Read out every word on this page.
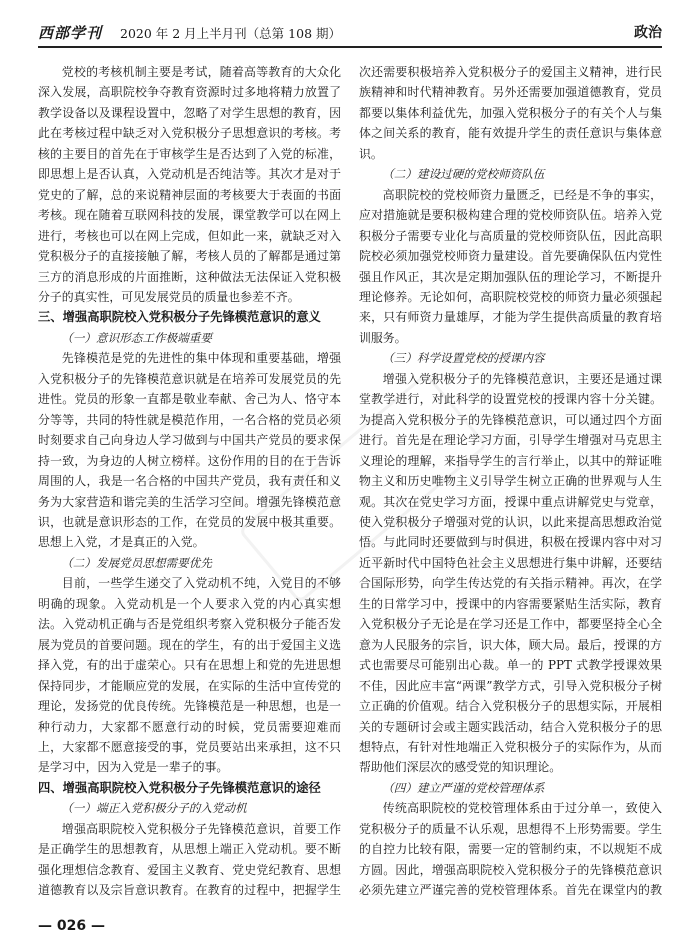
西部学刊 2020 年 2 月上半月刊（总第 108 期）	政治

党校的考核机制主要是考试，随着高等教育的大众化深入发展，高职院校争夺教育资源时过多地将精力放置了教学设备以及课程设置中，忽略了对学生思想的教育，因此在考核过程中缺乏对入党积极分子思想意识的考核。考核的主要目的首先在于审核学生是否达到了入党的标准，即思想上是否认真，入党动机是否纯洁等。其次才是对于党史的了解，总的来说精神层面的考核要大于表面的书面考核。现在随着互联网科技的发展，课堂教学可以在网上进行，考核也可以在网上完成，但如此一来，就缺乏对入党积极分子的直接接触了解，考核人员的了解都是通过第三方的消息形成的片面推断，这种做法无法保证入党积极分子的真实性，可见发展党员的质量也参差不齐。

三、增强高职院校入党积极分子先锋模范意识的意义
（一）意识形态工作极端重要

先锋模范是党的先进性的集中体现和重要基础，增强入党积极分子的先锋模范意识就是在培养可发展党员的先进性。党员的形象一直都是敬业奉献、舍己为人、恪守本分等等，共同的特性就是模范作用，一名合格的党员必须时刻要求自己向身边人学习做到与中国共产党员的要求保持一致，为身边的人树立榜样。这份作用的目的在于告诉周围的人，我是一名合格的中国共产党员，我有责任和义务为大家营造和谐完美的生活学习空间。增强先锋模范意识，也就是意识形态的工作，在党员的发展中极其重要。思想上入党，才是真正的入党。

（二）发展党员思想需要优先

目前，一些学生递交了入党动机不纯，入党目的不够明确的现象。入党动机是一个人要求入党的内心真实想法。入党动机正确与否是党组织考察入党积极分子能否发展为党员的首要问题。现在的学生，有的出于爱国主义选择入党，有的出于虚荣心。只有在思想上和党的先进思想保持同步，才能顺应党的发展，在实际的生活中宣传党的理论，发扬党的优良传统。先锋模范是一种思想，也是一种行动力，大家都不愿意行动的时候，党员需要迎难而上，大家都不愿意接受的事，党员要站出来承担，这不只是学习中，因为入党是一辈子的事。

四、增强高职院校入党积极分子先锋模范意识的途径
（一）端正入党积极分子的入党动机

增强高职院校入党积极分子先锋模范意识，首要工作是正确学生的思想教育，从思想上端正入党动机。要不断强化理想信念教育、爱国主义教育、党史党纪教育、思想道德教育以及宗旨意识教育。在教育的过程中，把握学生

次还需要积极培养入党积极分子的爱国主义精神，进行民族精神和时代精神教育。另外还需要加强道德教育，党员都要以集体利益优先，加强入党积极分子的有关个人与集体之间关系的教育，能有效提升学生的责任意识与集体意识。

（二）建设过硬的党校师资队伍

高职院校的党校师资力量匮乏，已经是不争的事实，应对措施就是要积极构建合理的党校师资队伍。培养入党积极分子需要专业化与高质量的党校师资队伍，因此高职院校必须加强党校师资力量建设。首先要确保队伍内党性强且作风正，其次是定期加强队伍的理论学习，不断提升理论修养。无论如何，高职院校党校的师资力量必须强起来，只有师资力量雄厚，才能为学生提供高质量的教育培训服务。

（三）科学设置党校的授课内容

增强入党积极分子的先锋模范意识，主要还是通过课堂教学进行，对此科学的设置党校的授课内容十分关键。为提高入党积极分子的先锋模范意识，可以通过四个方面进行。首先是在理论学习方面，引导学生增强对马克思主义理论的理解，来指导学生的言行举止，以其中的辩证唯物主义和历史唯物主义引导学生树立正确的世界观与人生观。其次在党史学习方面，授课中重点讲解党史与党章，使入党积极分子增强对党的认识，以此来提高思想政治觉悟。与此同时还要做到与时俱进，积极在授课内容中对习近平新时代中国特色社会主义思想进行集中讲解，还要结合国际形势，向学生传达党的有关指示精神。再次，在学生的日常学习中，授课中的内容需要紧贴生活实际，教育入党积极分子无论是在学习还是工作中，都要坚持全心全意为人民服务的宗旨，识大体，顾大局。最后，授课的方式也需要尽可能别出心裁。单一的 PPT 式教学授课效果不佳，因此应丰富“两课”教学方式，引导入党积极分子树立正确的价值观。结合入党积极分子的思想实际，开展相关的专题研讨会或主题实践活动，结合入党积极分子的思想特点，有针对性地端正入党积极分子的实际作为，从而帮助他们深层次的感受党的知识理论。

（四）建立严谨的党校管理体系

传统高职院校的党校管理体系由于过分单一，致使入党积极分子的质量不认乐观，思想得不上形势需要。学生的自控力比较有限，需要一定的管制约束，不以规矩不成方圆。因此，增强高职院校入党积极分子的先锋模范意识必须先建立严谨完善的党校管理体系。首先在课堂内的教

— 026 —
